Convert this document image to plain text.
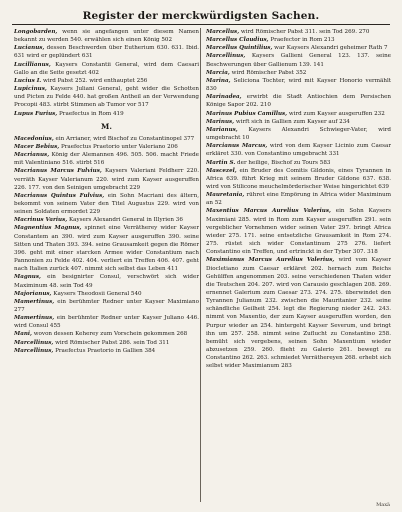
Register der merckwürdigsten Sachen.

Longobarden, wenn sie angefangen unter diesem Namen bekannt zu werden 540. erwählen sich einen König 502

Lucianus, dessen Beschwerden über Eutherium 630. 631. Ibid. 631 wird er geplündert 631

Lucillianus, Kaysers Constantii General, wird dem Caesari Gallo an die Seite gesetzt 402

Lucius I. wird Pabst 252. wird enthauptet 256

Lupicinus, Kaysers Juliani General, geht wider die Schotten und Picten zu Felde 440. hat großen Antheil an der Verwendung Procopii 483. stirbt Stimmen ab Tumor vor 517

Lupus Furius, Praefectus in Rom 419

M.

Macedonius, ein Arrianer, wird Bischof zu Constantinopel 377

Macer Bebius, Praefectus Praetorio unter Valeriano 206

Macrianus, König der Alemannen 496. 505. 506. macht Friede mit Valentiniano 516. stirbt 516

Macrianus Marcus Fulvius, Kaysers Valeriani Feldherr 220. verräth Kayser Valerianum 220. wird zum Kayser ausgeruffen 226. 177. von den Seinigen umgebracht 229

Macrianus Quintus Fulvius, ein Sohn Macriani des ältern, bekommt von seinem Vater den Titel Augustus 229. wird von seinen Soldaten ermordet 229

Macrinus Varius, Kaysers Alexandri General in Illyrien 36

Magnentius Magnus, spinnet eine Verrätherey wider Kayser Constantem an 390. wird zum Kayser ausgeruffen 390. seine Sitten und Thaten 393. 394. seine Grausamkeit gegen die Römer 396. geht mit einer starcken Armee wider Constantium nach Pannonien zu Felde 402. 404. verliert ein Treffen 406. 407. geht nach Italien zurück 407. nimmt sich selbst das Leben 411

Magnus, ein besignirter Consul, verschwört sich wider Maximinum 48. sein Tod 49

Majorianus, Kaysers Theodosii General 540

Mamertinus, ein berühmter Redner unter Kayser Maximiano 277

Mamertinus, ein berühmter Redner unter Kayser Juliano 446. wird Consul 455

Mani, wovon dessen Keherey zum Vorschein gekommen 268

Marcellinus, wird Römischer Pabst 286. sein Tod 311

Marcellinus, Praefectus Praetorio in Gallien 384

Marcellus, wird Römischer Pabst 311. sein Tod 269. 270

Marcellus Claudius, Praefector in Rom 213

Marcellus Quintilius, war Kaysers Alexandri geheimer Rath 7

Marcellinus, Kaysers Gallieni General 123. 137. seine Beschwerungen über Gallienum 139. 141

Marcia, wird Römischer Pabst 352

Marina, Seliciona Tochter, wird mit Kayser Honorio vermählt 830

Marinadea, erwirbt die Stadt Antiochien dem Persischen Könige Sapor 202. 210

Marinus Pubius Camillus, wird zum Kayser ausgeruffen 232

Marinus, wirft sich in Gallien zum Kayser auf 234

Marianus, Kaysers Alexandri Schwieger-Vater, wird umgebracht 10

Marcianus Marcus, wird von dem Kayser Licinio zum Caesar erkläret 330. von Constantino umgebracht 331

Martin S. der heilige, Bischof zu Tours 583

Mascezel, ein Bruder des Comitis Gildonis, eines Tyrannen in Africa 639. führt Krieg mit seinem Bruder Gildone 637. 638. wird von Stilicone meuchelmörderischer Weise hingerichtet 639

Mauretania, rühret eine Empörung in Africa wider Maximinum an 52

Maxentius Marcus Aurelius Valerius, ein Sohn Kaysers Maximiani 285. wird in Rom zum Kayser ausgeruffen 291. sein vergeblicher Vornehmen wider seinen Vater 297. bringt Africa wieder 275. 171. seine entsetzliche Grausamkeit in Rom 274. 275. rüstet sich wider Constantinum 275 276. liefert Constantino ein Treffen, und ertrinckt in der Tyber 307. 318

Maximianus Marcus Aurelius Valerius, wird vom Kayser Diocletiano zum Caesar erkläret 202. hernach zum Reichs Gehülffen angenommen 203. seine verschiedenen Thaten wider die Teutschen 204. 207. wird von Carausio geschlagen 208. 269. ernennet Galerium zum Caesar 273. 274. 275. überwindet den Tyrannen Julianum 232. zwischen die Mauritanier 232. seine schändliche Geilheit 254. legt die Regierung nieder 242. 243. nimmt von Maxentio, der zum Kayser ausgeruffen worden, den Purpur wieder an 254. hintergeht Kayser Severum, und bringt ihn um 257. 258. nimmt seine Zuflucht zu Constantino 258. bemüht sich vergebens, seinen Sohn Maxentium wieder abzusetzen 259. 260. flieht zu Galerio 261. bewegt zu Constantino 262. 263. schmiedet Verräthereyen 268. erhebt sich selbst wider Maximianum 283

Maxä
